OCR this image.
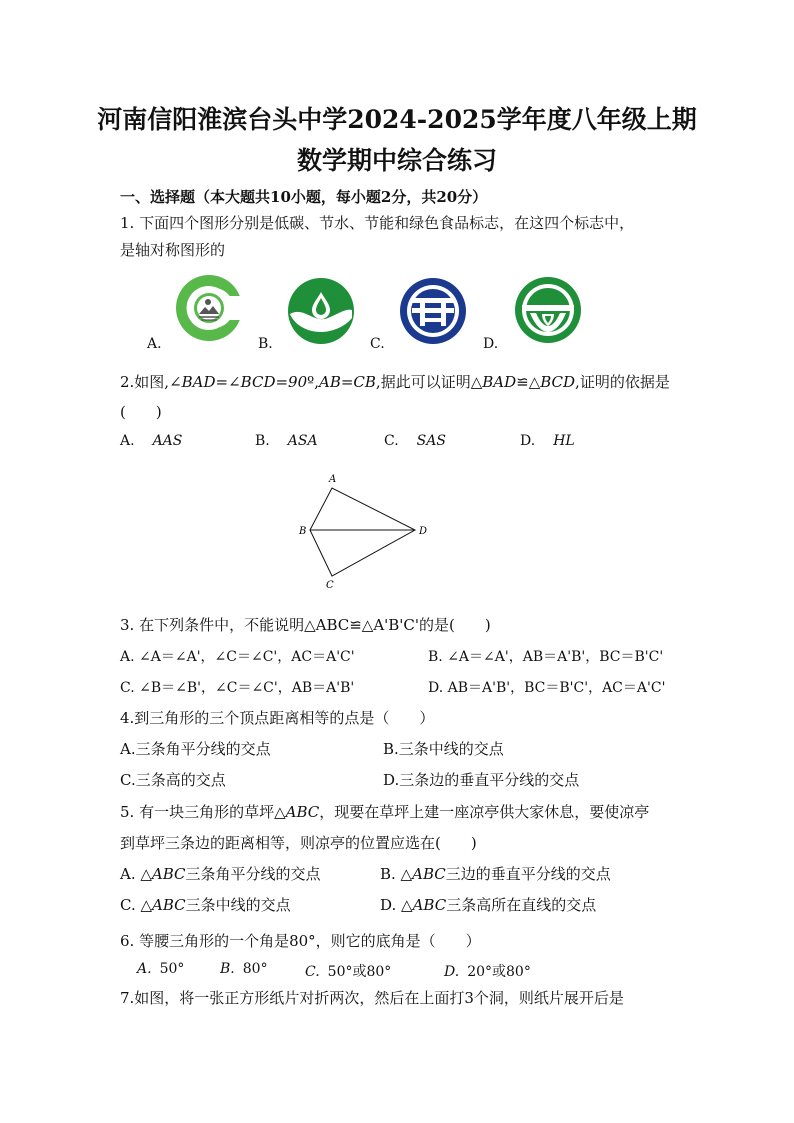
河南信阳淮滨台头中学2024-2025学年度八年级上期
数学期中综合练习
一、选择题（本大题共10小题，每小题2分，共20分）
1. 下面四个图形分别是低碳、节水、节能和绿色食品标志，在这四个标志中，
是轴对称图形的
A.	B.	C.	D.
2.如图,∠BAD=∠BCD=90º,AB=CB,据此可以证明△BAD≌△BCD,证明的依据是
(　　)
A. AAS	B. ASA	C. SAS	D. HL
A
B
C
D
3. 在下列条件中，不能说明△ABC≌△A'B'C'的是(　　)
A. ∠A＝∠A'，∠C＝∠C'，AC＝A'C'	B. ∠A＝∠A'，AB＝A'B'，BC＝B'C'
C. ∠B＝∠B'，∠C＝∠C'，AB＝A'B'	D. AB＝A'B'，BC＝B'C'，AC＝A'C'
4.到三角形的三个顶点距离相等的点是（　　）
A.三条角平分线的交点	B.三条中线的交点
C.三条高的交点	D.三条边的垂直平分线的交点
5. 有一块三角形的草坪△ABC，现要在草坪上建一座凉亭供大家休息，要使凉亭
到草坪三条边的距离相等，则凉亭的位置应选在(　　)
A. △ABC三条角平分线的交点	B. △ABC三边的垂直平分线的交点
C. △ABC三条中线的交点	D. △ABC三条高所在直线的交点
6. 等腰三角形的一个角是80°，则它的底角是（　　）
A. 50°	B. 80°	C. 50°或80°	D. 20°或80°
7.如图，将一张正方形纸片对折两次，然后在上面打3个洞，则纸片展开后是
